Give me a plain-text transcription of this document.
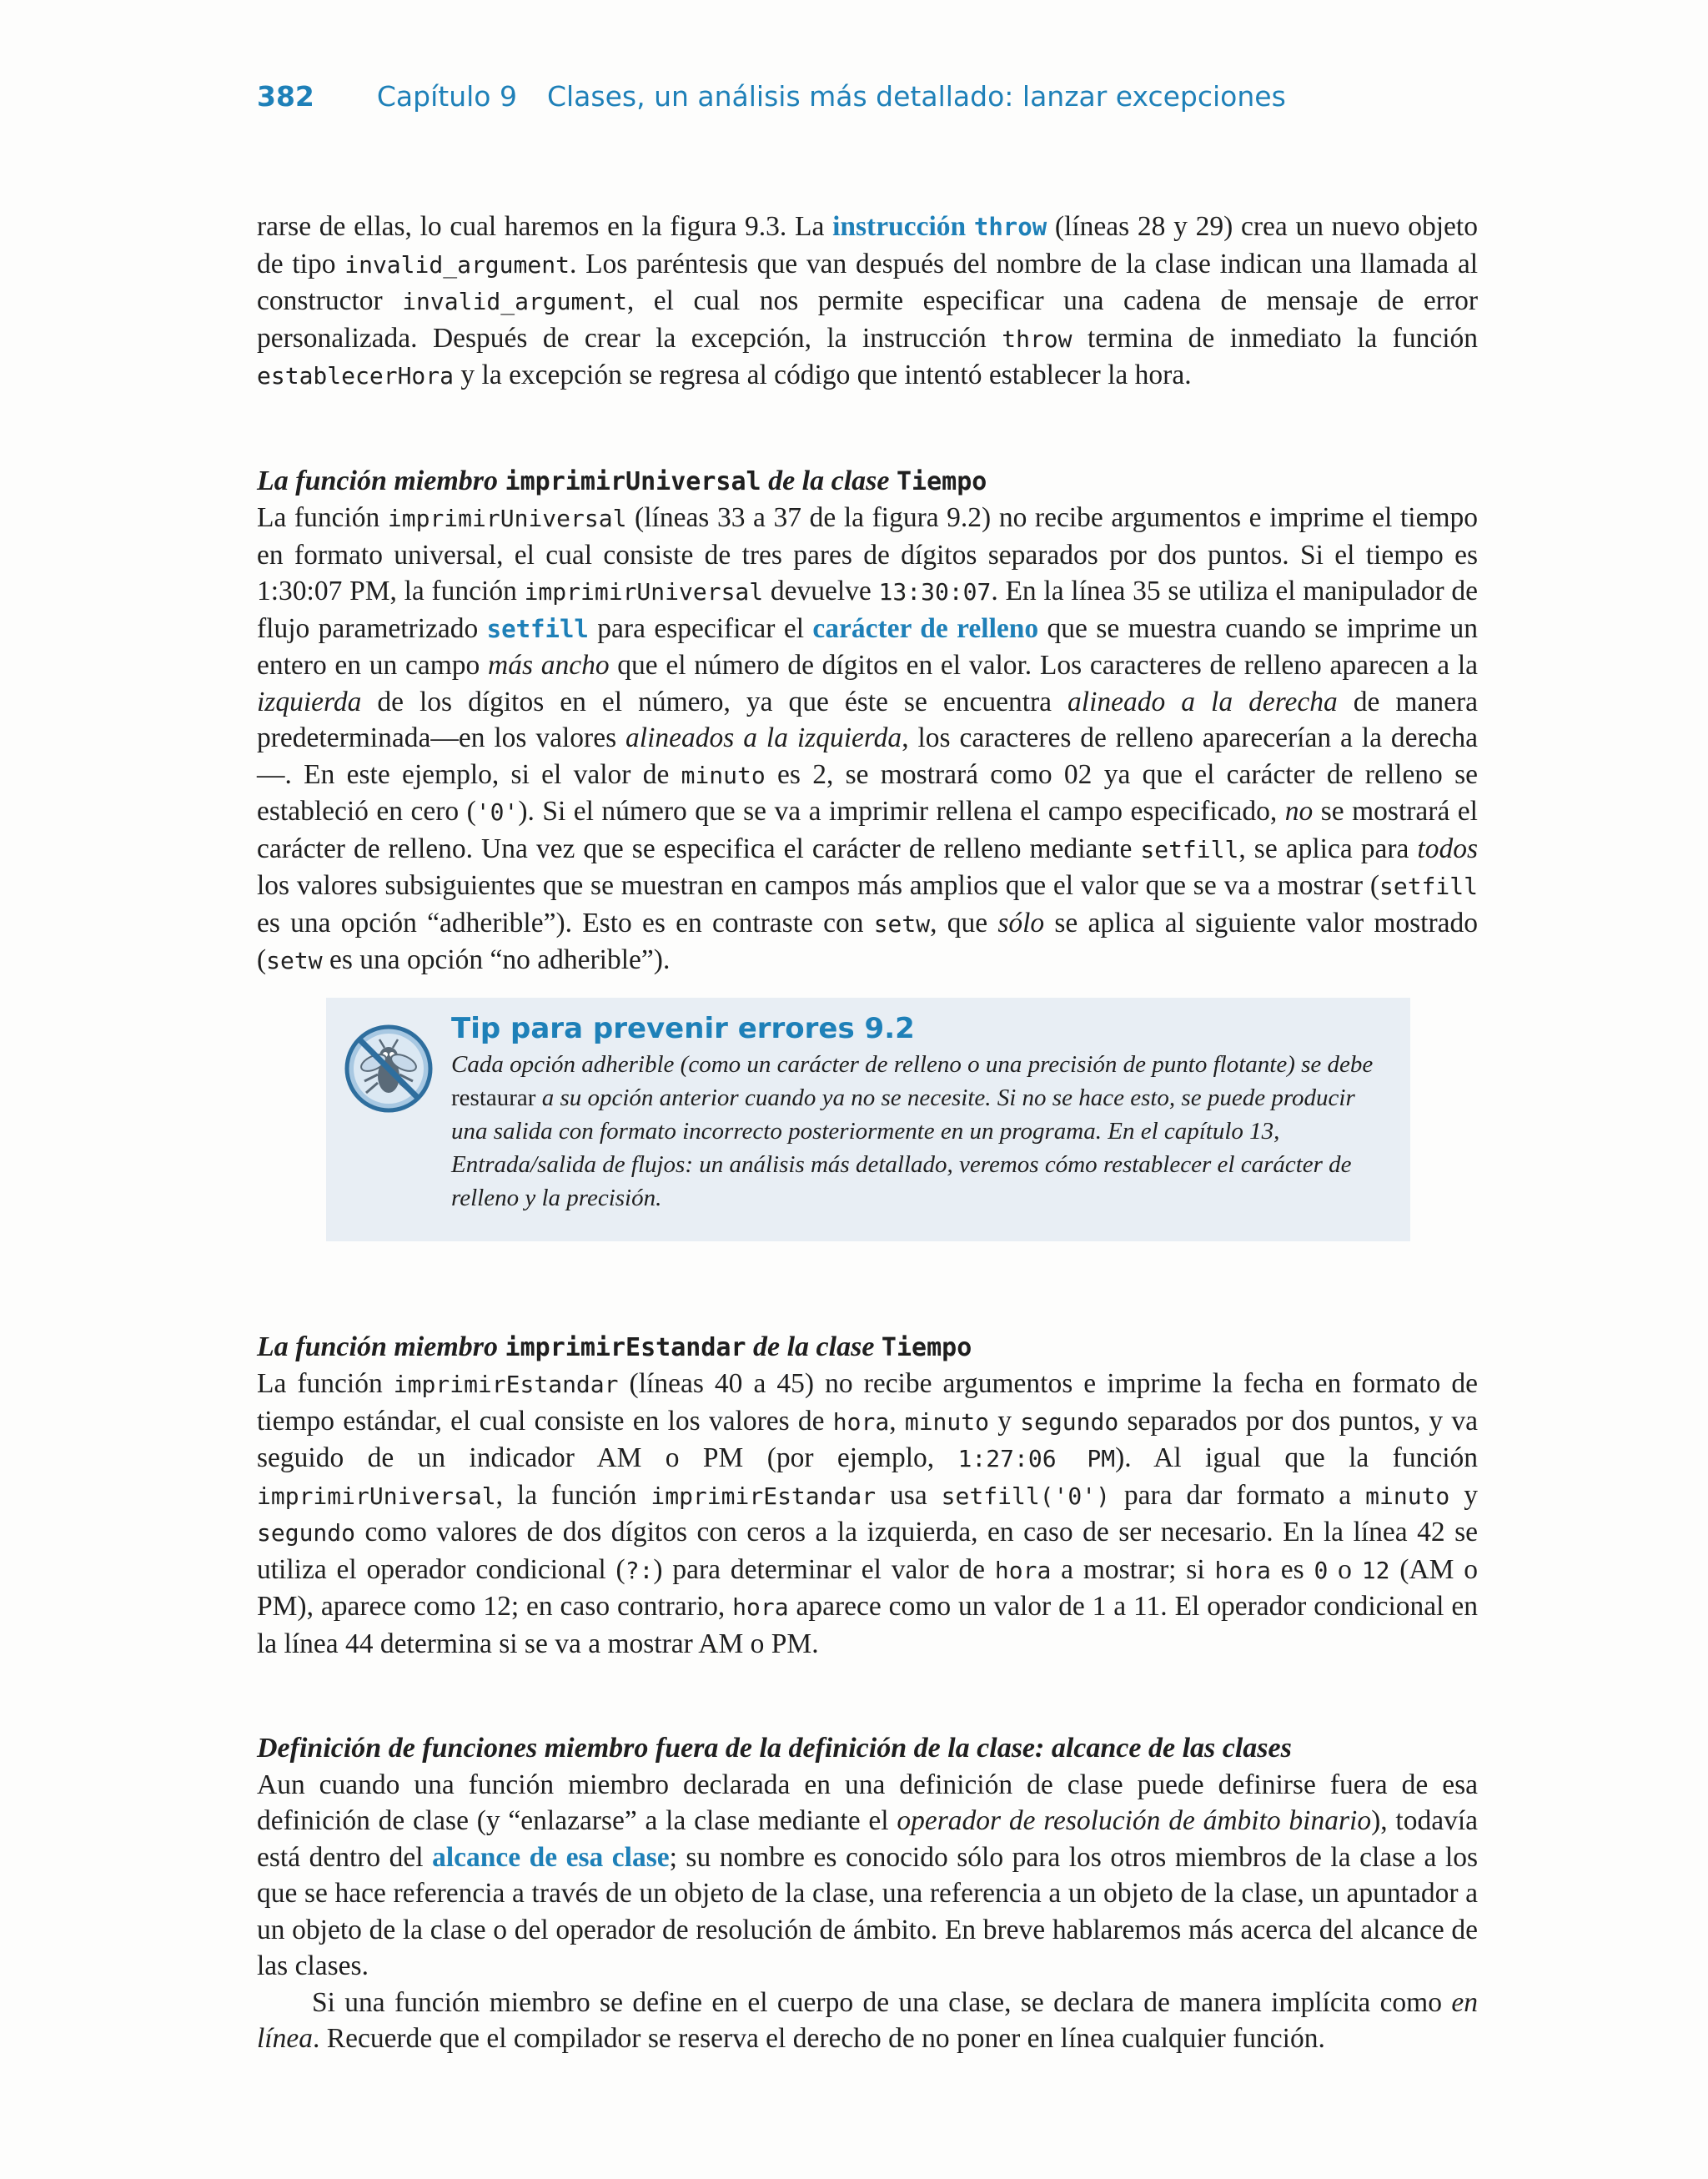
382 Capítulo 9 Clases, un análisis más detallado: lanzar excepciones

rarse de ellas, lo cual haremos en la figura 9.3. La instrucción throw (líneas 28 y 29) crea un nuevo objeto de tipo invalid_argument. Los paréntesis que van después del nombre de la clase indican una llamada al constructor invalid_argument, el cual nos permite especificar una cadena de mensaje de error personalizada. Después de crear la excepción, la instrucción throw termina de inmediato la función establecerHora y la excepción se regresa al código que intentó establecer la hora.

La función miembro imprimirUniversal de la clase Tiempo

La función imprimirUniversal (líneas 33 a 37 de la figura 9.2) no recibe argumentos e imprime el tiempo en formato universal, el cual consiste de tres pares de dígitos separados por dos puntos. Si el tiempo es 1:30:07 PM, la función imprimirUniversal devuelve 13:30:07. En la línea 35 se utiliza el manipulador de flujo parametrizado setfill para especificar el carácter de relleno que se muestra cuando se imprime un entero en un campo más ancho que el número de dígitos en el valor. Los caracteres de relleno aparecen a la izquierda de los dígitos en el número, ya que éste se encuentra alineado a la derecha de manera predeterminada—en los valores alineados a la izquierda, los caracteres de relleno aparecerían a la derecha—. En este ejemplo, si el valor de minuto es 2, se mostrará como 02 ya que el carácter de relleno se estableció en cero ('0'). Si el número que se va a imprimir rellena el campo especificado, no se mostrará el carácter de relleno. Una vez que se especifica el carácter de relleno mediante setfill, se aplica para todos los valores subsiguientes que se muestran en campos más amplios que el valor que se va a mostrar (setfill es una opción “adherible”). Esto es en contraste con setw, que sólo se aplica al siguiente valor mostrado (setw es una opción “no adherible”).

Tip para prevenir errores 9.2
Cada opción adherible (como un carácter de relleno o una precisión de punto flotante) se debe restaurar a su opción anterior cuando ya no se necesite. Si no se hace esto, se puede producir una salida con formato incorrecto posteriormente en un programa. En el capítulo 13, Entrada/salida de flujos: un análisis más detallado, veremos cómo restablecer el carácter de relleno y la precisión.

La función miembro imprimirEstandar de la clase Tiempo

La función imprimirEstandar (líneas 40 a 45) no recibe argumentos e imprime la fecha en formato de tiempo estándar, el cual consiste en los valores de hora, minuto y segundo separados por dos puntos, y va seguido de un indicador AM o PM (por ejemplo, 1:27:06 PM). Al igual que la función imprimirUniversal, la función imprimirEstandar usa setfill('0') para dar formato a minuto y segundo como valores de dos dígitos con ceros a la izquierda, en caso de ser necesario. En la línea 42 se utiliza el operador condicional (?:) para determinar el valor de hora a mostrar; si hora es 0 o 12 (AM o PM), aparece como 12; en caso contrario, hora aparece como un valor de 1 a 11. El operador condicional en la línea 44 determina si se va a mostrar AM o PM.

Definición de funciones miembro fuera de la definición de la clase: alcance de las clases

Aun cuando una función miembro declarada en una definición de clase puede definirse fuera de esa definición de clase (y “enlazarse” a la clase mediante el operador de resolución de ámbito binario), todavía está dentro del alcance de esa clase; su nombre es conocido sólo para los otros miembros de la clase a los que se hace referencia a través de un objeto de la clase, una referencia a un objeto de la clase, un apuntador a un objeto de la clase o del operador de resolución de ámbito. En breve hablaremos más acerca del alcance de las clases.

Si una función miembro se define en el cuerpo de una clase, se declara de manera implícita como en línea. Recuerde que el compilador se reserva el derecho de no poner en línea cualquier función.
